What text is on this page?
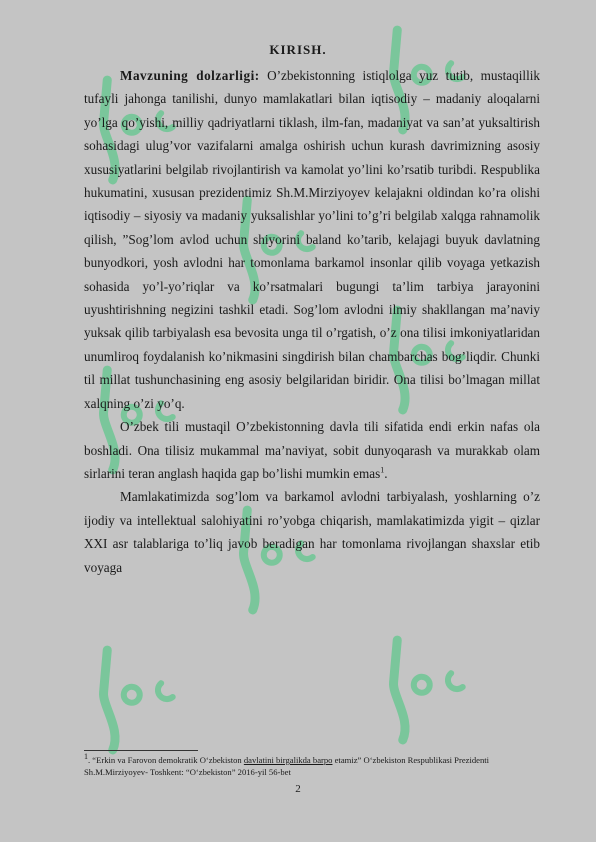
KIRISH.

Mavzuning dolzarligi: O’zbekistonning istiqlolga yuz tutib, mustaqillik tufayli jahonga tanilishi, dunyo mamlakatlari bilan iqtisodiy – madaniy aloqalarni yo’lga qo’yishi, milliy qadriyatlarni tiklash, ilm-fan, madaniyat va san’at yuksaltirish sohasidagi ulug’vor vazifalarni amalga oshirish uchun kurash davrimizning asosiy xususiyatlarini belgilab rivojlantirish va kamolat yo’lini ko’rsatib turibdi. Respublika hukumatini, xususan prezidentimiz Sh.M.Mirziyoyev kelajakni oldindan ko’ra olishi iqtisodiy – siyosiy va madaniy yuksalishlar yo’lini to’g’ri belgilab xalqga rahnamolik qilish, ”Sog’lom avlod uchun shiyorini baland ko’tarib, kelajagi buyuk davlatning bunyodkori, yosh avlodni har tomonlama barkamol insonlar qilib voyaga yetkazish sohasida yo’l-yo’riqlar va ko’rsatmalari bugungi ta’lim tarbiya jarayonini uyushtirishning negizini tashkil etadi. Sog’lom avlodni ilmiy shakllangan ma’naviy yuksak qilib tarbiyalash esa bevosita unga til o’rgatish, o’z ona tilisi imkoniyatlaridan unumliroq foydalanish ko’nikmasini singdirish bilan chambarchas bog’liqdir. Chunki til millat tushunchasining eng asosiy belgilaridan biridir. Ona tilisi bo’lmagan millat xalqning o’zi yo’q.

O’zbek tili mustaqil O’zbekistonning davla tili sifatida endi erkin nafas ola boshladi. Ona tilisiz mukammal ma’naviyat, sobit dunyoqarash va murakkab olam sirlarini teran anglash haqida gap bo’lishi mumkin emas$^1$.

Mamlakatimizda sog’lom va barkamol avlodni tarbiyalash, yoshlarning o’z ijodiy va intellektual salohiyatini ro’yobga chiqarish, mamlakatimizda yigit – qizlar XXI asr talablariga to’liq javob beradigan har tomonlama rivojlangan shaxslar etib voyaga

$^1$. “Erkin va Farovon demokratik O‘zbekiston davlatini birgalikda barpo etamiz” O‘zbekiston Respublikasi Prezidenti Sh.M.Mirziyoyev- Toshkent: “O‘zbekiston” 2016-yil 56-bet
2
